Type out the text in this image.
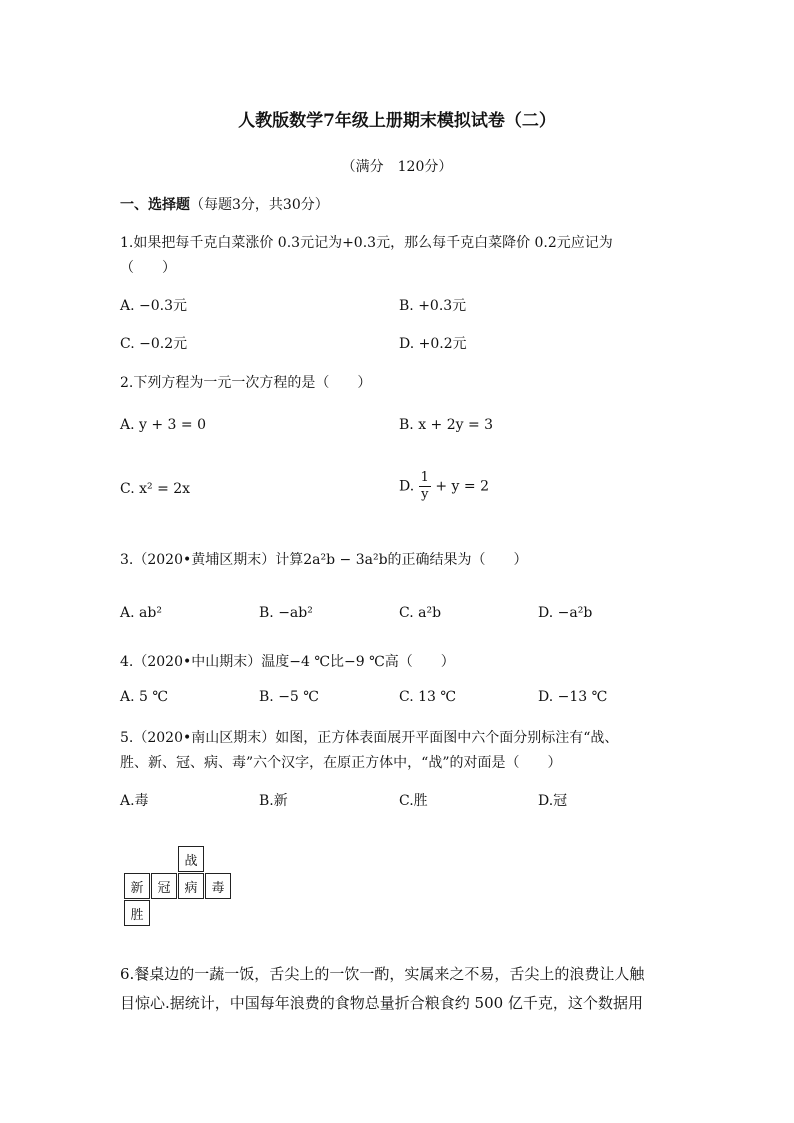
人教版数学7年级上册期末模拟试卷（二）
（满分　120分）
一、选择题（每题3分，共30分）
1.如果把每千克白菜涨价 0.3元记为+0.3元，那么每千克白菜降价 0.2元应记为
（　　）
A. −0.3元	B. +0.3元
C. −0.2元	D. +0.2元
2.下列方程为一元一次方程的是（　　）
A. y + 3 = 0	B. x + 2y = 3
C. x² = 2x	D. $\frac{1}{y} + y = 2$
3.（2020•黄埔区期末）计算2a²b − 3a²b的正确结果为（　　）
A. ab²	B. −ab²	C. a²b	D. −a²b
4.（2020•中山期末）温度−4 ℃比−9 ℃高（　　）
A. 5 ℃	B. −5 ℃	C. 13 ℃	D. −13 ℃
5.（2020•南山区期末）如图，正方体表面展开平面图中六个面分别标注有“战、
胜、新、冠、病、毒”六个汉字，在原正方体中，“战”的对面是（　　）
A.毒	B.新	C.胜	D.冠
战
新	冠	病	毒
胜
6.餐桌边的一蔬一饭，舌尖上的一饮一酌，实属来之不易，舌尖上的浪费让人触
目惊心.据统计，中国每年浪费的食物总量折合粮食约 500 亿千克，这个数据用
